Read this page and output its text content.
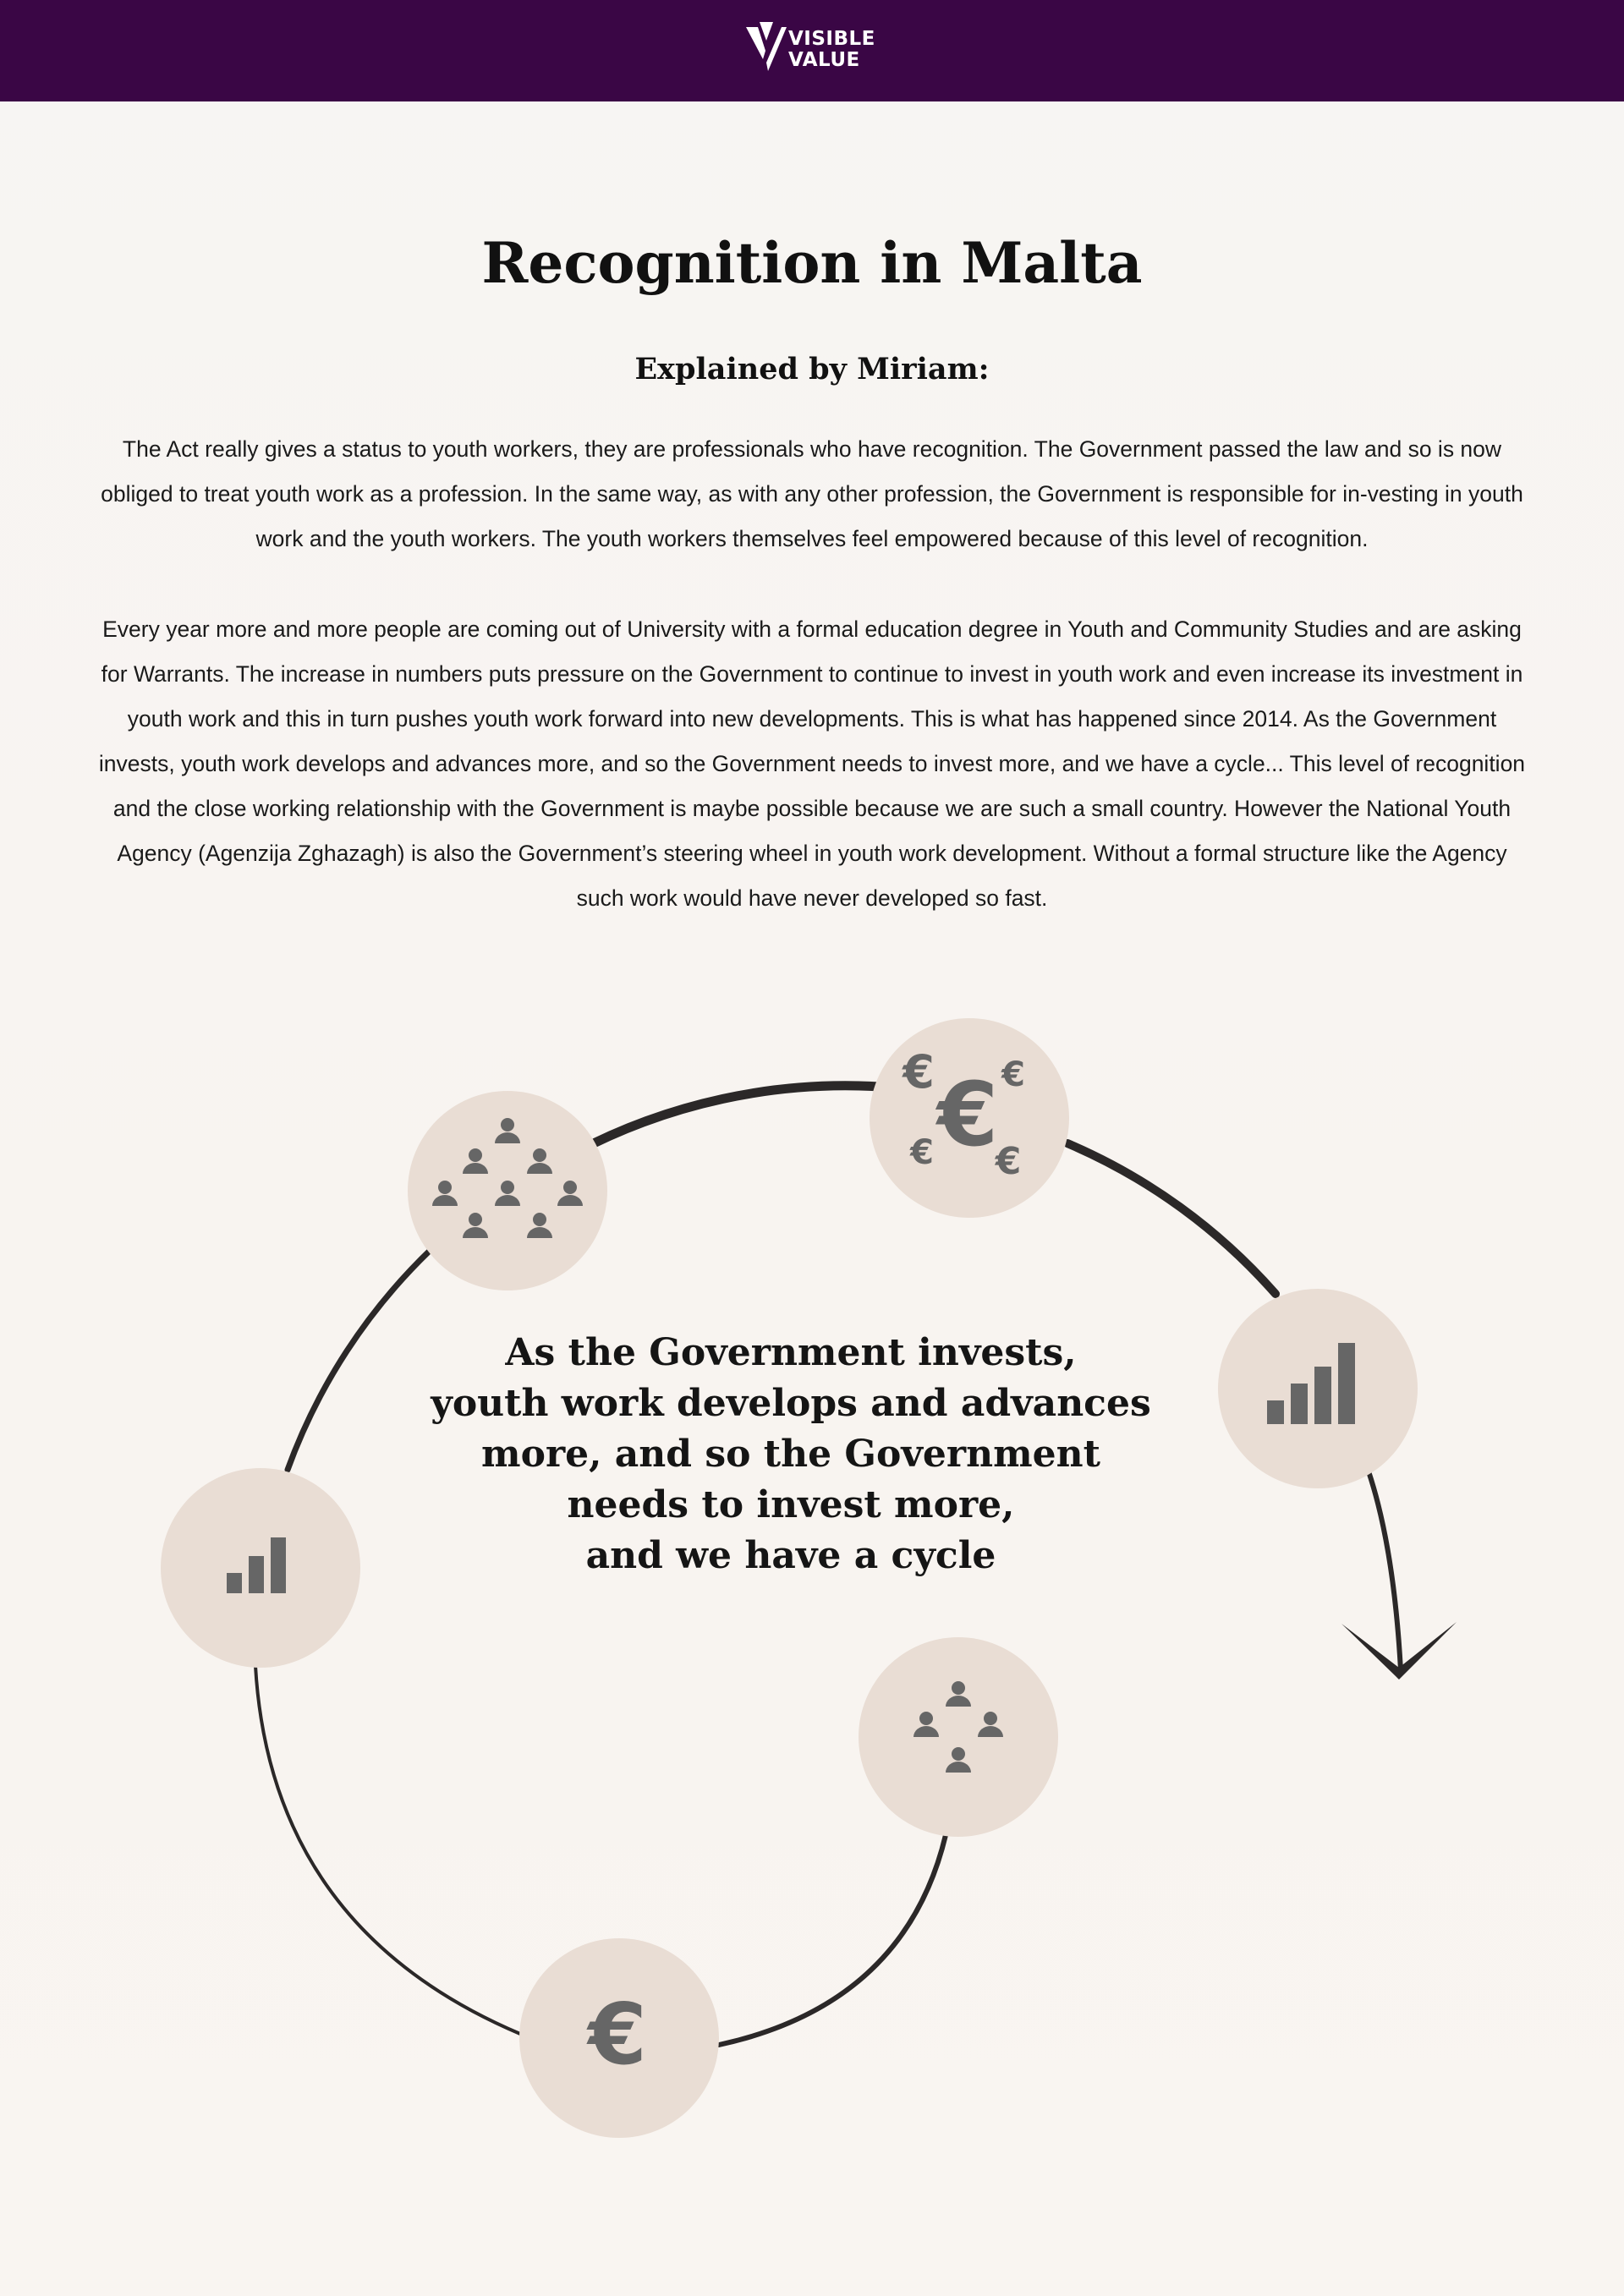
VISIBLE
VALUE
Recognition in Malta
Explained by Miriam:

The Act really gives a status to youth workers, they are professionals who have recognition. The Government passed the law and so is now obliged to treat youth work as a profession. In the same way, as with any other profession, the Government is responsible for in-vesting in youth work and the youth workers. The youth workers themselves feel empowered because of this level of recognition.

Every year more and more people are coming out of University with a formal education degree in Youth and Community Studies and are asking for Warrants. The increase in numbers puts pressure on the Government to continue to invest in youth work and even increase its investment in youth work and this in turn pushes youth work forward into new developments. This is what has happened since 2014. As the Government invests, youth work develops and advances more, and so the Government needs to invest more, and we have a cycle... This level of recognition and the close working relationship with the Government is maybe possible because we are such a small country. However the National Youth Agency (Agenzija Zghazagh) is also the Government’s steering wheel in youth work development. Without a formal structure like the Agency such work would have never developed so fast.

€ €
€
€ €
€

As the Government invests,
youth work develops and advances
more, and so the Government
needs to invest more,
and we have a cycle
